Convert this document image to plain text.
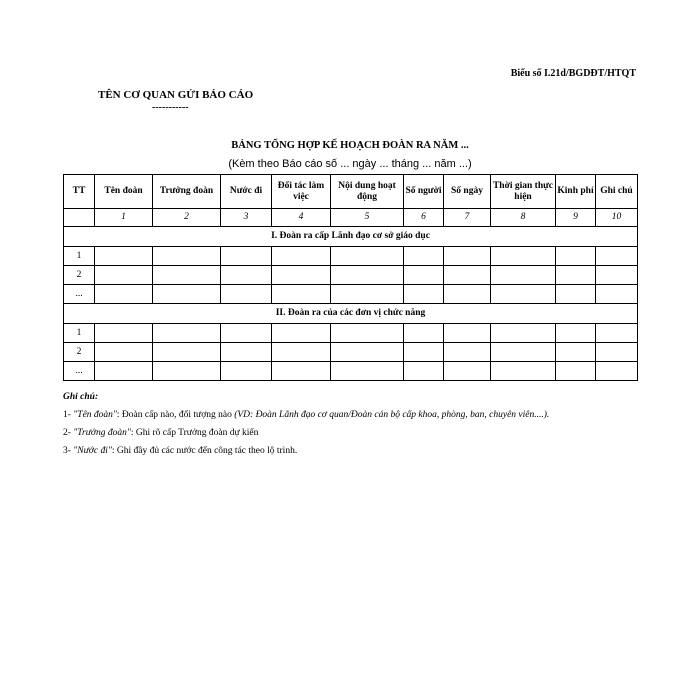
Biểu số I.21d/BGDĐT/HTQT
TÊN CƠ QUAN GỬI BÁO CÁO
-----------
BẢNG TỔNG HỢP KẾ HOẠCH ĐOÀN RA NĂM ...
(Kèm theo Báo cáo số ... ngày ... tháng ... năm ...)
TT	Tên đoàn	Trưởng đoàn	Nước đi	Đối tác làm việc	Nội dung hoạt động	Số người	Số ngày	Thời gian thực hiện	Kinh phí	Ghi chú
	1	2	3	4	5	6	7	8	9	10
I. Đoàn ra cấp Lãnh đạo cơ sở giáo dục										
1										
2										
...										
II. Đoàn ra của các đơn vị chức năng										
1										
2										
...										
Ghi chú:
1- "Tên đoàn": Đoàn cấp nào, đối tượng nào (VD: Đoàn Lãnh đạo cơ quan/Đoàn cán bộ cấp khoa, phòng, ban, chuyên viên....).
2- "Trưởng đoàn": Ghi rõ cấp Trưởng đoàn dự kiến
3- "Nước đi": Ghi đầy đủ các nước đến công tác theo lộ trình.
